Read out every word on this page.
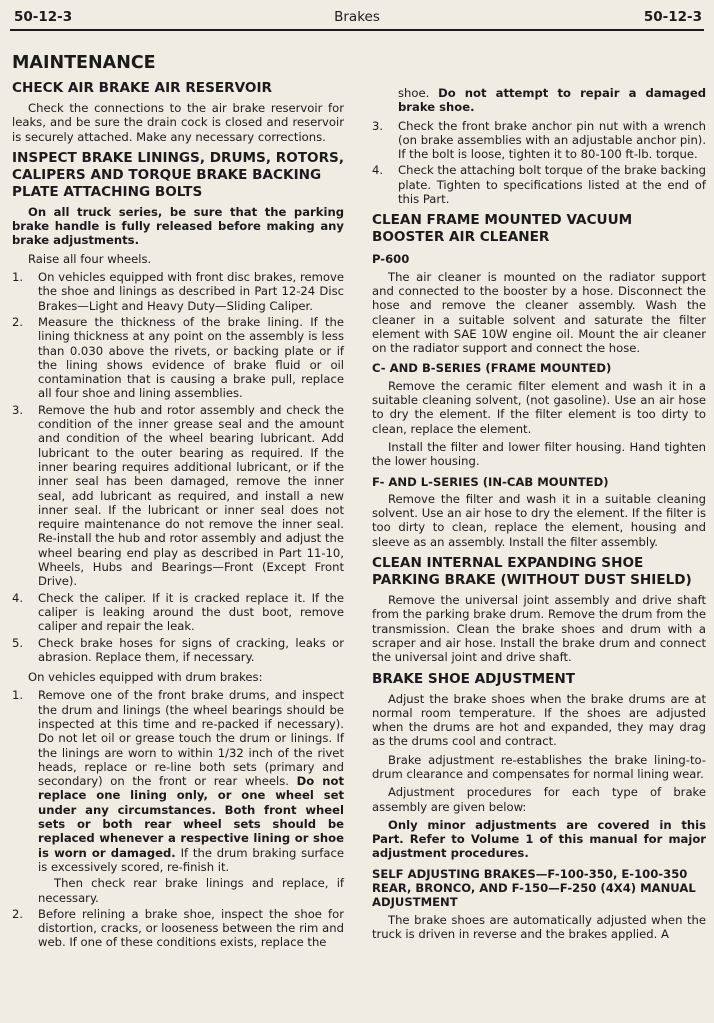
50-12-3	Brakes	50-12-3
MAINTENANCE
CHECK AIR BRAKE AIR RESERVOIR

Check the connections to the air brake reservoir for leaks, and be sure the drain cock is closed and reservoir is securely attached. Make any necessary corrections.

INSPECT BRAKE LININGS, DRUMS, ROTORS, CALIPERS AND TORQUE BRAKE BACKING PLATE ATTACHING BOLTS

On all truck series, be sure that the parking brake handle is fully released before making any brake adjustments.

Raise all four wheels.

1. On vehicles equipped with front disc brakes, remove the shoe and linings as described in Part 12-24 Disc Brakes—Light and Heavy Duty—Sliding Caliper.
2. Measure the thickness of the brake lining. If the lining thickness at any point on the assembly is less than 0.030 above the rivets, or backing plate or if the lining shows evidence of brake fluid or oil contamination that is causing a brake pull, replace all four shoe and lining assemblies.
3. Remove the hub and rotor assembly and check the condition of the inner grease seal and the amount and condition of the wheel bearing lubricant. Add lubricant to the outer bearing as required. If the inner bearing requires additional lubricant, or if the inner seal has been damaged, remove the inner seal, add lubricant as required, and install a new inner seal. If the lubricant or inner seal does not require maintenance do not remove the inner seal. Re-install the hub and rotor assembly and adjust the wheel bearing end play as described in Part 11-10, Wheels, Hubs and Bearings—Front (Except Front Drive).
4. Check the caliper. If it is cracked replace it. If the caliper is leaking around the dust boot, remove caliper and repair the leak.
5. Check brake hoses for signs of cracking, leaks or abrasion. Replace them, if necessary.

On vehicles equipped with drum brakes:

1. Remove one of the front brake drums, and inspect the drum and linings (the wheel bearings should be inspected at this time and re-packed if necessary). Do not let oil or grease touch the drum or linings. If the linings are worn to within 1/32 inch of the rivet heads, replace or re-line both sets (primary and secondary) on the front or rear wheels. Do not replace one lining only, or one wheel set under any circumstances. Both front wheel sets or both rear wheel sets should be replaced whenever a respective lining or shoe is worn or damaged. If the drum braking surface is excessively scored, re-finish it.
Then check rear brake linings and replace, if necessary.
2. Before relining a brake shoe, inspect the shoe for distortion, cracks, or looseness between the rim and web. If one of these conditions exists, replace the

shoe. Do not attempt to repair a damaged brake shoe.

3. Check the front brake anchor pin nut with a wrench (on brake assemblies with an adjustable anchor pin). If the bolt is loose, tighten it to 80-100 ft-lb. torque.
4. Check the attaching bolt torque of the brake backing plate. Tighten to specifications listed at the end of this Part.
CLEAN FRAME MOUNTED VACUUM BOOSTER AIR CLEANER
P-600

The air cleaner is mounted on the radiator support and connected to the booster by a hose. Disconnect the hose and remove the cleaner assembly. Wash the cleaner in a suitable solvent and saturate the filter element with SAE 10W engine oil. Mount the air cleaner on the radiator support and connect the hose.

C- AND B-SERIES (FRAME MOUNTED)

Remove the ceramic filter element and wash it in a suitable cleaning solvent, (not gasoline). Use an air hose to dry the element. If the filter element is too dirty to clean, replace the element.

Install the filter and lower filter housing. Hand tighten the lower housing.

F- AND L-SERIES (IN-CAB MOUNTED)

Remove the filter and wash it in a suitable cleaning solvent. Use an air hose to dry the element. If the filter is too dirty to clean, replace the element, housing and sleeve as an assembly. Install the filter assembly.

CLEAN INTERNAL EXPANDING SHOE PARKING BRAKE (WITHOUT DUST SHIELD)

Remove the universal joint assembly and drive shaft from the parking brake drum. Remove the drum from the transmission. Clean the brake shoes and drum with a scraper and air hose. Install the brake drum and connect the universal joint and drive shaft.

BRAKE SHOE ADJUSTMENT

Adjust the brake shoes when the brake drums are at normal room temperature. If the shoes are adjusted when the drums are hot and expanded, they may drag as the drums cool and contract.

Brake adjustment re-establishes the brake lining-to-drum clearance and compensates for normal lining wear.

Adjustment procedures for each type of brake assembly are given below:

Only minor adjustments are covered in this Part. Refer to Volume 1 of this manual for major adjustment procedures.

SELF ADJUSTING BRAKES—F-100-350, E-100-350 REAR, BRONCO, AND F-150—F-250 (4X4) MANUAL ADJUSTMENT

The brake shoes are automatically adjusted when the truck is driven in reverse and the brakes applied. A
